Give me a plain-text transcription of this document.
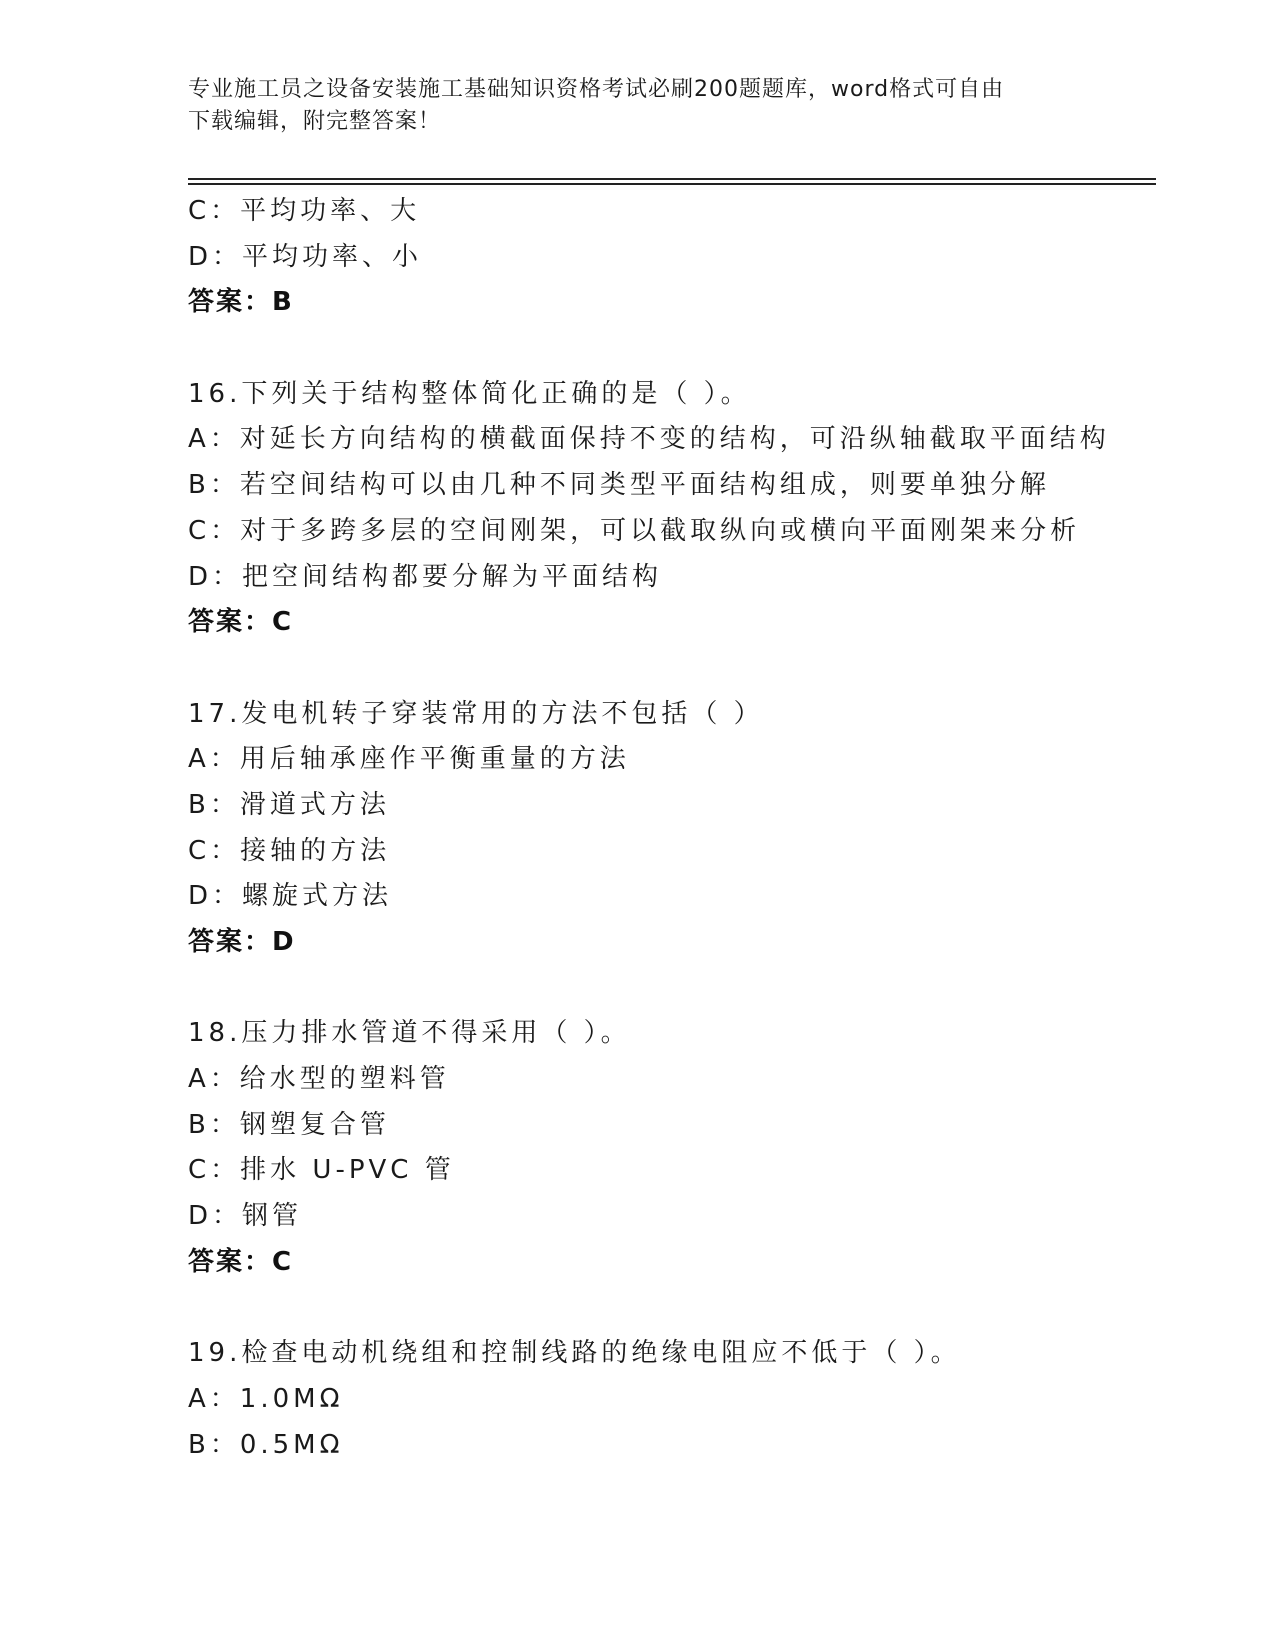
专业施工员之设备安装施工基础知识资格考试必刷200题题库，word格式可自由
下载编辑，附完整答案！
C：平均功率、大
D：平均功率、小
答案：B
16.下列关于结构整体简化正确的是（ ）。
A：对延长方向结构的横截面保持不变的结构，可沿纵轴截取平面结构
B：若空间结构可以由几种不同类型平面结构组成，则要单独分解
C：对于多跨多层的空间刚架，可以截取纵向或横向平面刚架来分析
D：把空间结构都要分解为平面结构
答案：C
17.发电机转子穿装常用的方法不包括（ ）
A：用后轴承座作平衡重量的方法
B：滑道式方法
C：接轴的方法
D：螺旋式方法
答案：D
18.压力排水管道不得采用（ ）。
A：给水型的塑料管
B：钢塑复合管
C：排水 U-PVC 管
D：钢管
答案：C
19.检查电动机绕组和控制线路的绝缘电阻应不低于（ ）。
A：1.0MΩ
B：0.5MΩ
